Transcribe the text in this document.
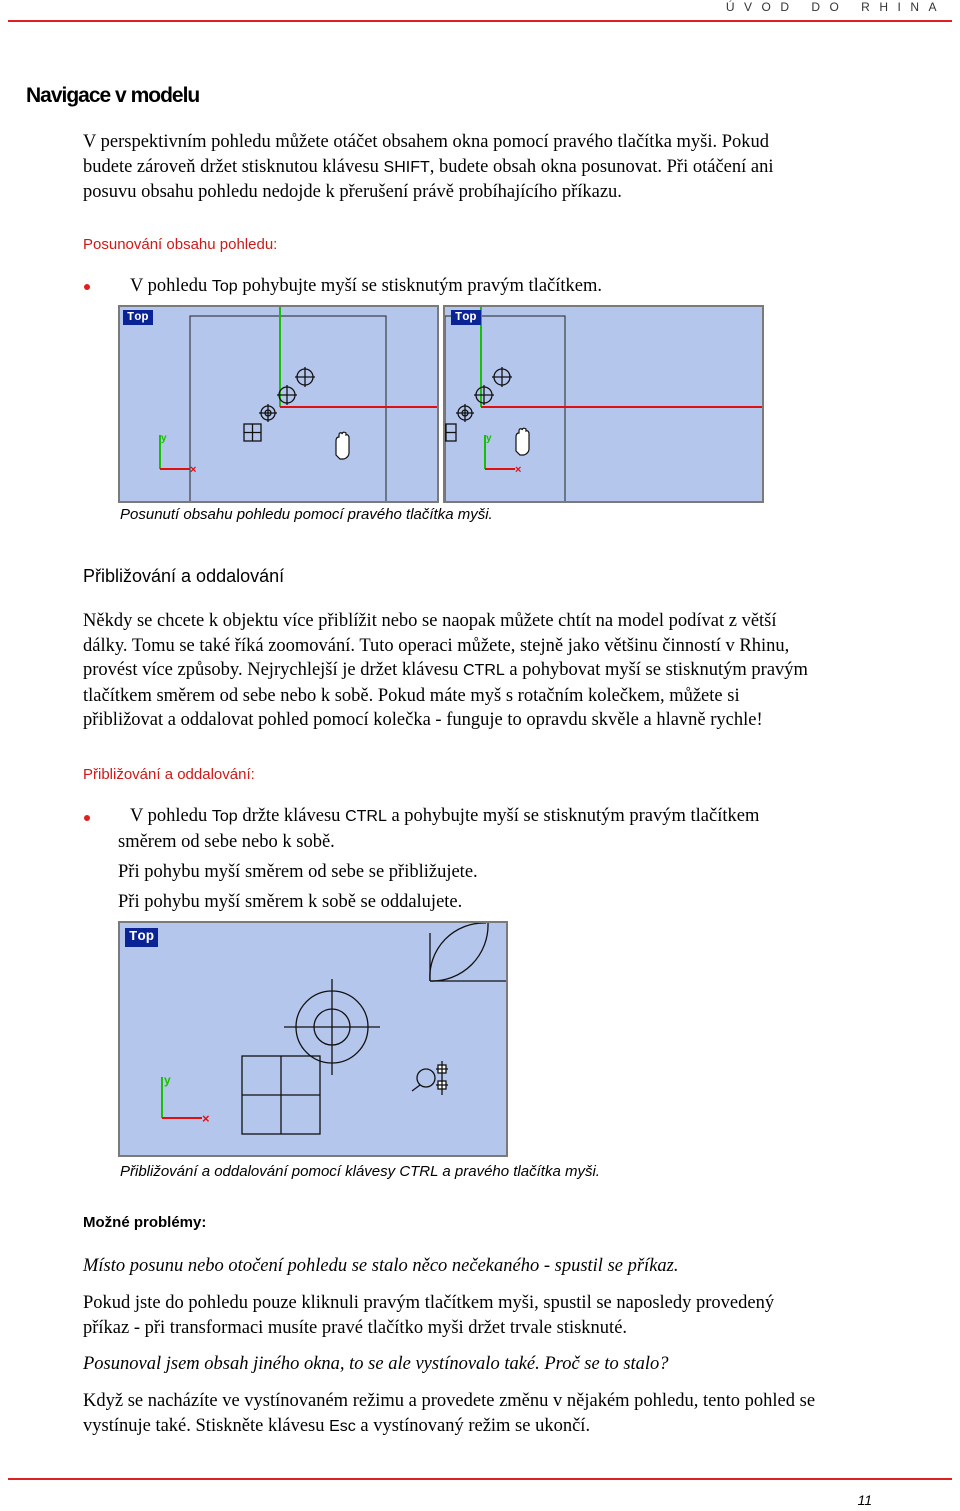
ÚVOD DO RHINA
Navigace v modelu
V perspektivním pohledu můžete otáčet obsahem okna pomocí pravého tlačítka myši. Pokud
budete zároveň držet stisknutou klávesu SHIFT, budete obsah okna posunovat. Při otáčení ani
posuvu obsahu pohledu nedojde k přerušení právě probíhajícího příkazu.
Posunování obsahu pohledu:
V pohledu Top pohybujte myší se stisknutým pravým tlačítkem.
Top
y
×
Top
y
×
Posunutí obsahu pohledu pomocí pravého tlačítka myši.
Přibližování a oddalování
Někdy se chcete k objektu více přiblížit nebo se naopak můžete chtít na model podívat z větší
dálky. Tomu se také říká zoomování. Tuto operaci můžete, stejně jako většinu činností v Rhinu,
provést více způsoby. Nejrychlejší je držet klávesu CTRL a pohybovat myší se stisknutým pravým
tlačítkem směrem od sebe nebo k sobě. Pokud máte myš s rotačním kolečkem, můžete si
přibližovat a oddalovat pohled pomocí kolečka - funguje to opravdu skvěle a hlavně rychle!
Přibližování a oddalování:
V pohledu Top držte klávesu CTRL a pohybujte myší se stisknutým pravým tlačítkem
směrem od sebe nebo k sobě.
Při pohybu myší směrem od sebe se přibližujete.
Při pohybu myší směrem k sobě se oddalujete.
Top
y
×
Přibližování a oddalování pomocí klávesy CTRL a pravého tlačítka myši.
Možné problémy:
Místo posunu nebo otočení pohledu se stalo něco nečekaného - spustil se příkaz.
Pokud jste do pohledu pouze kliknuli pravým tlačítkem myši, spustil se naposledy provedený
příkaz - při transformaci musíte pravé tlačítko myši držet trvale stisknuté.
Posunoval jsem obsah jiného okna, to se ale vystínovalo také. Proč se to stalo?
Když se nacházíte ve vystínovaném režimu a provedete změnu v nějakém pohledu, tento pohled se
vystínuje také. Stiskněte klávesu Esc a vystínovaný režim se ukončí.
11
